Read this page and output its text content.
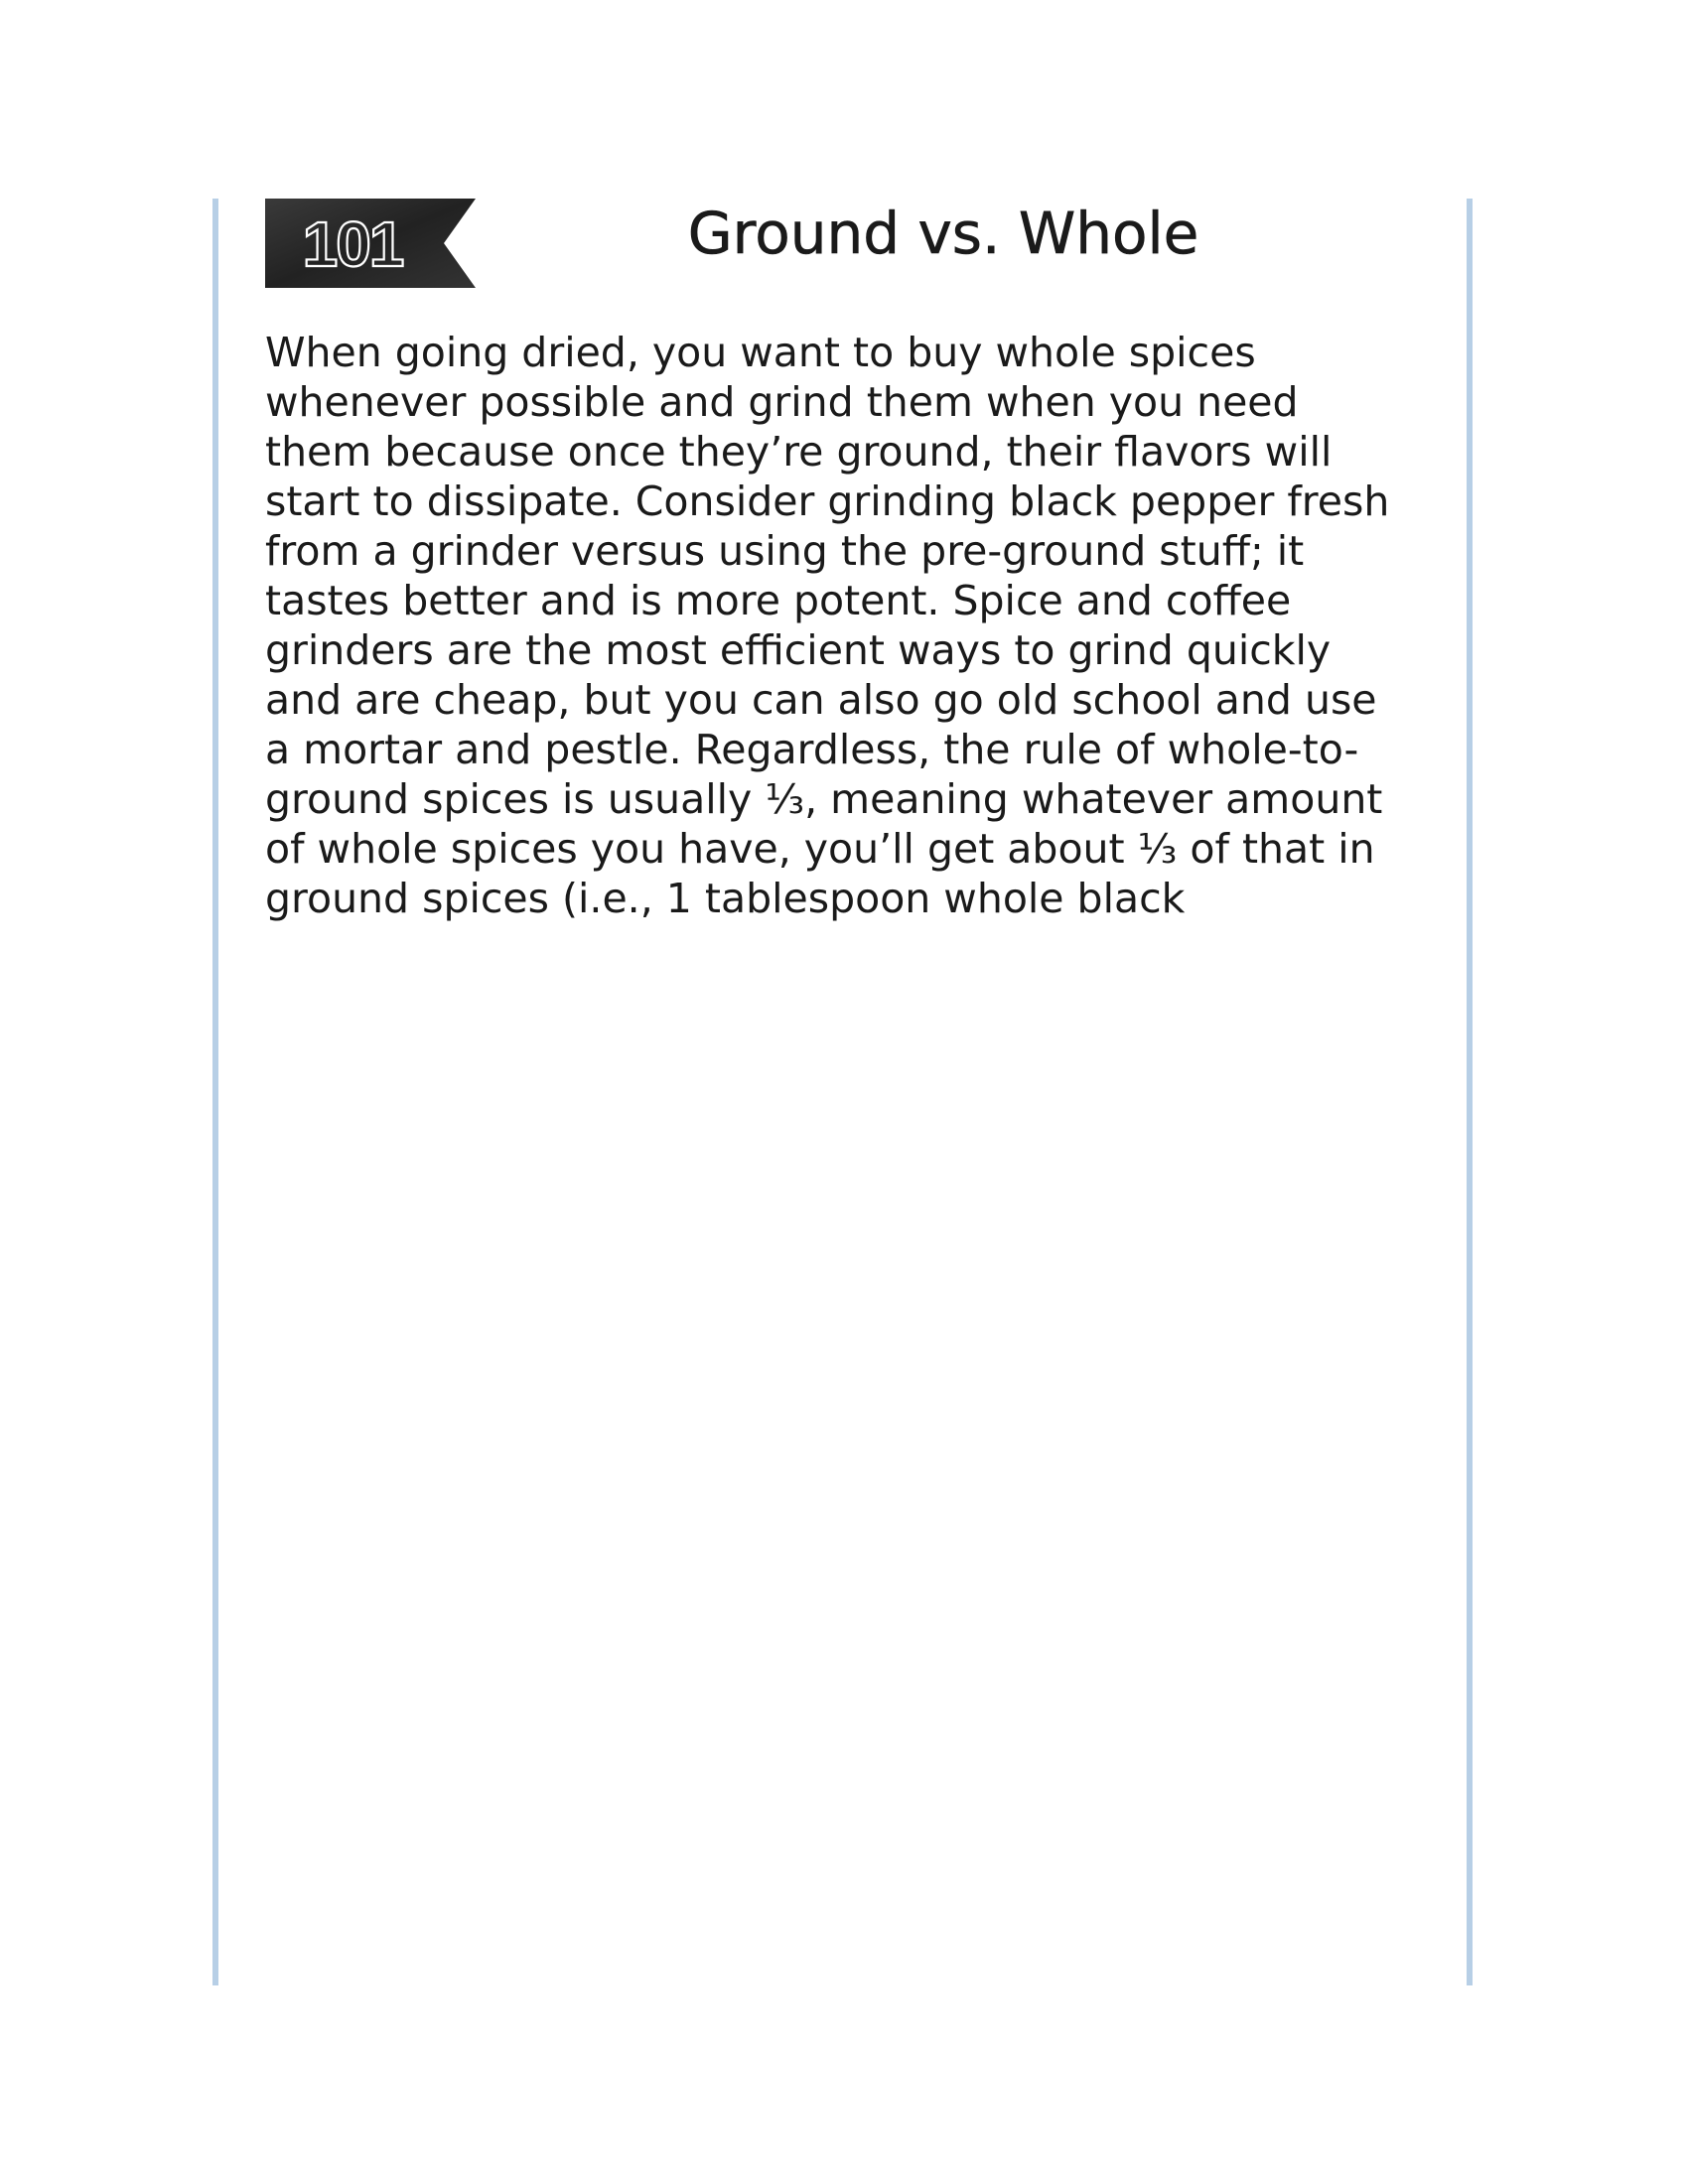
101	Ground vs. Whole

When going dried, you want to buy whole spices
whenever possible and grind them when you need
them because once they’re ground, their flavors will
start to dissipate. Consider grinding black pepper fresh
from a grinder versus using the pre-ground stuff; it
tastes better and is more potent. Spice and coffee
grinders are the most efficient ways to grind quickly
and are cheap, but you can also go old school and use
a mortar and pestle. Regardless, the rule of whole-to-
ground spices is usually ⅓, meaning whatever amount
of whole spices you have, you’ll get about ⅓ of that in
ground spices (i.e., 1 tablespoon whole black
